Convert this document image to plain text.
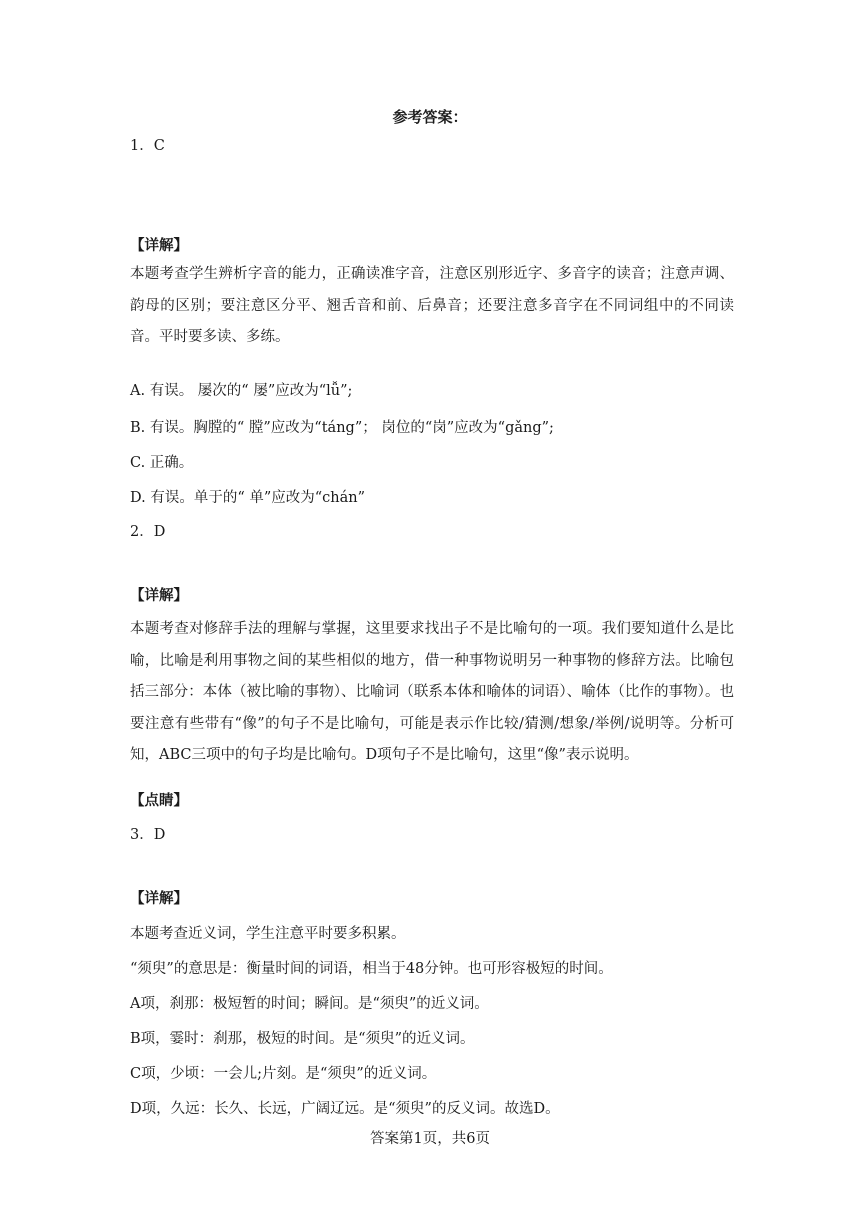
参考答案：
1．C
【详解】
本题考查学生辨析字音的能力，正确读准字音，注意区别形近字、多音字的读音；注意声调、韵母的区别；要注意区分平、翘舌音和前、后鼻音；还要注意多音字在不同词组中的不同读音。平时要多读、多练。
A. 有误。 屡次的“ 屡”应改为“lǚ”;
B. 有误。胸膛的“ 膛”应改为“táng”； 岗位的“岗”应改为“gǎng”;
C. 正确。
D. 有误。单于的“ 单”应改为“chán”
2．D
【详解】
本题考查对修辞手法的理解与掌握，这里要求找出子不是比喻句的一项。我们要知道什么是比喻，比喻是利用事物之间的某些相似的地方，借一种事物说明另一种事物的修辞方法。比喻包括三部分：本体（被比喻的事物）、比喻词（联系本体和喻体的词语）、喻体（比作的事物）。也要注意有些带有“像”的句子不是比喻句，可能是表示作比较/猜测/想象/举例/说明等。分析可知，ABC三项中的句子均是比喻句。D项句子不是比喻句，这里“像”表示说明。
【点睛】
3．D
【详解】
本题考查近义词，学生注意平时要多积累。
“须臾”的意思是：衡量时间的词语，相当于48分钟。也可形容极短的时间。
A项，刹那：极短暂的时间；瞬间。是“须臾”的近义词。
B项，霎时：刹那，极短的时间。是“须臾”的近义词。
C项，少顷：一会儿;片刻。是“须臾”的近义词。
D项，久远：长久、长远，广阔辽远。是“须臾”的反义词。故选D。
答案第1页，共6页
